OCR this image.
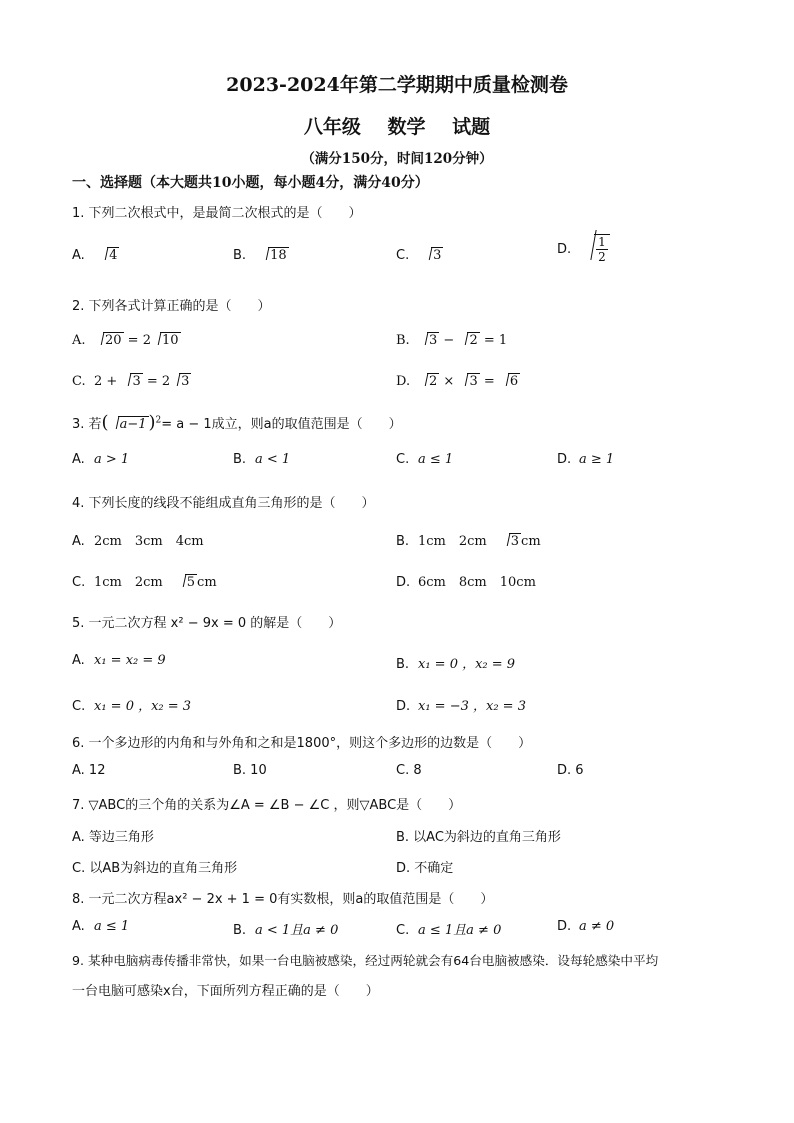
2023-2024年第二学期期中质量检测卷
八年级 数学 试题
（满分150分，时间120分钟）
一、选择题（本大题共10小题，每小题4分，满分40分）
1. 下列二次根式中，是最简二次根式的是（　　）
A. 4	B. 18	C. 3	D. $\frac{1}{2}$
2. 下列各式计算正确的是（　　）
A. 20 = 2 10	B. 3 − 2 = 1
C. 2 + 3 = 2 3	D. 2 × 3 = 6
3. 若( a−1 )$^2$= a − 1成立，则a的取值范围是（　　）
A. a > 1	B. a < 1	C. a ≤ 1	D. a ≥ 1
4. 下列长度的线段不能组成直角三角形的是（　　）
A. 2cm　3cm　4cm	B. 1cm　2cm　3 cm
C. 1cm　2cm　5 cm	D. 6cm　8cm　10cm
5. 一元二次方程 x² − 9x = 0 的解是（　　）
A. x₁ = x₂ = 9	B. x₁ = 0 ，x₂ = 9
C. x₁ = 0 ，x₂ = 3	D. x₁ = −3 ，x₂ = 3
6. 一个多边形的内角和与外角和之和是1800°，则这个多边形的边数是（　　）
A. 12	B. 10	C. 8	D. 6
7. ▽ABC的三个角的关系为∠A = ∠B − ∠C ，则▽ABC是（　　）
A. 等边三角形	B. 以AC为斜边的直角三角形
C. 以AB为斜边的直角三角形	D. 不确定
8. 一元二次方程ax² − 2x + 1 = 0有实数根，则a的取值范围是（　　）
A. a ≤ 1	B. a < 1且a ≠ 0	C. a ≤ 1且a ≠ 0	D. a ≠ 0
9. 某种电脑病毒传播非常快，如果一台电脑被感染，经过两轮就会有64台电脑被感染．设每轮感染中平均
一台电脑可感染x台，下面所列方程正确的是（　　）
